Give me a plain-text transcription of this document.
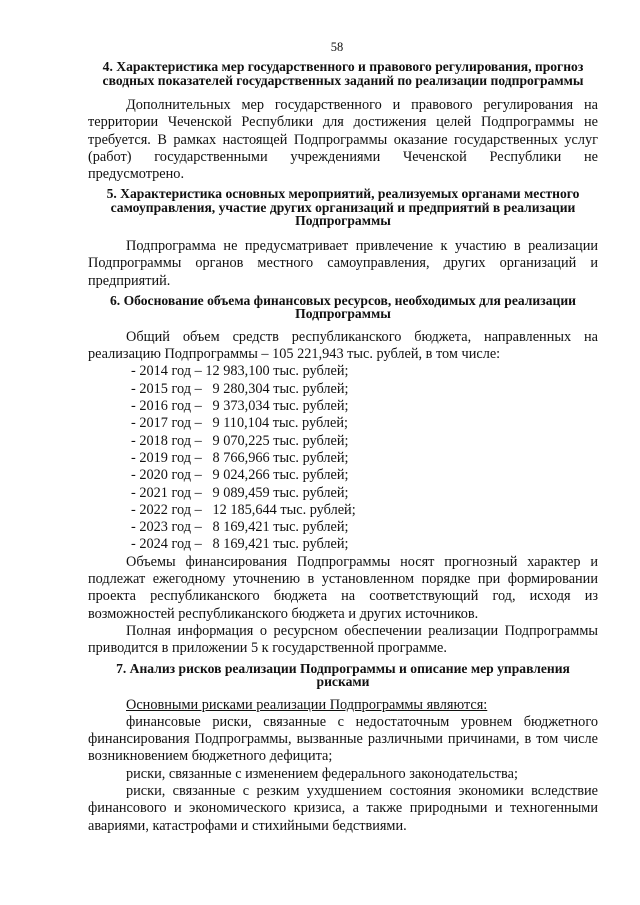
58
4. Характеристика мер государственного и правового регулирования, прогноз сводных показателей государственных заданий по реализации подпрограммы

Дополнительных мер государственного и правового регулирования на территории Чеченской Республики для достижения целей Подпрограммы не требуется. В рамках настоящей Подпрограммы оказание государственных услуг (работ) государственными учреждениями Чеченской Республики не предусмотрено.

5. Характеристика основных мероприятий, реализуемых органами местного самоуправления, участие других организаций и предприятий в реализации Подпрограммы

Подпрограмма не предусматривает привлечение к участию в реализации Подпрограммы органов местного самоуправления, других организаций и предприятий.

6. Обоснование объема финансовых ресурсов, необходимых для реализации Подпрограммы

Общий объем средств республиканского бюджета, направленных на реализацию Подпрограммы – 105 221,943 тыс. рублей, в том числе:

- 2014 год – 12 983,100 тыс. рублей;
- 2015 год –   9 280,304 тыс. рублей;
- 2016 год –   9 373,034 тыс. рублей;
- 2017 год –   9 110,104 тыс. рублей;
- 2018 год –   9 070,225 тыс. рублей;
- 2019 год –   8 766,966 тыс. рублей;
- 2020 год –   9 024,266 тыс. рублей;
- 2021 год –   9 089,459 тыс. рублей;
- 2022 год –   12 185,644 тыс. рублей;
- 2023 год –   8 169,421 тыс. рублей;
- 2024 год –   8 169,421 тыс. рублей;

Объемы финансирования Подпрограммы носят прогнозный характер и подлежат ежегодному уточнению в установленном порядке при формировании проекта республиканского бюджета на соответствующий год, исходя из возможностей республиканского бюджета и других источников.

Полная информация о ресурсном обеспечении реализации Подпрограммы приводится в приложении 5 к государственной программе.

7. Анализ рисков реализации Подпрограммы и описание мер управления рисками

Основными рисками реализации Подпрограммы являются:

финансовые риски, связанные с недостаточным уровнем бюджетного финансирования Подпрограммы, вызванные различными причинами, в том числе возникновением бюджетного дефицита;

риски, связанные с изменением федерального законодательства;

риски, связанные с резким ухудшением состояния экономики вследствие финансового и экономического кризиса, а также природными и техногенными авариями, катастрофами и стихийными бедствиями.
